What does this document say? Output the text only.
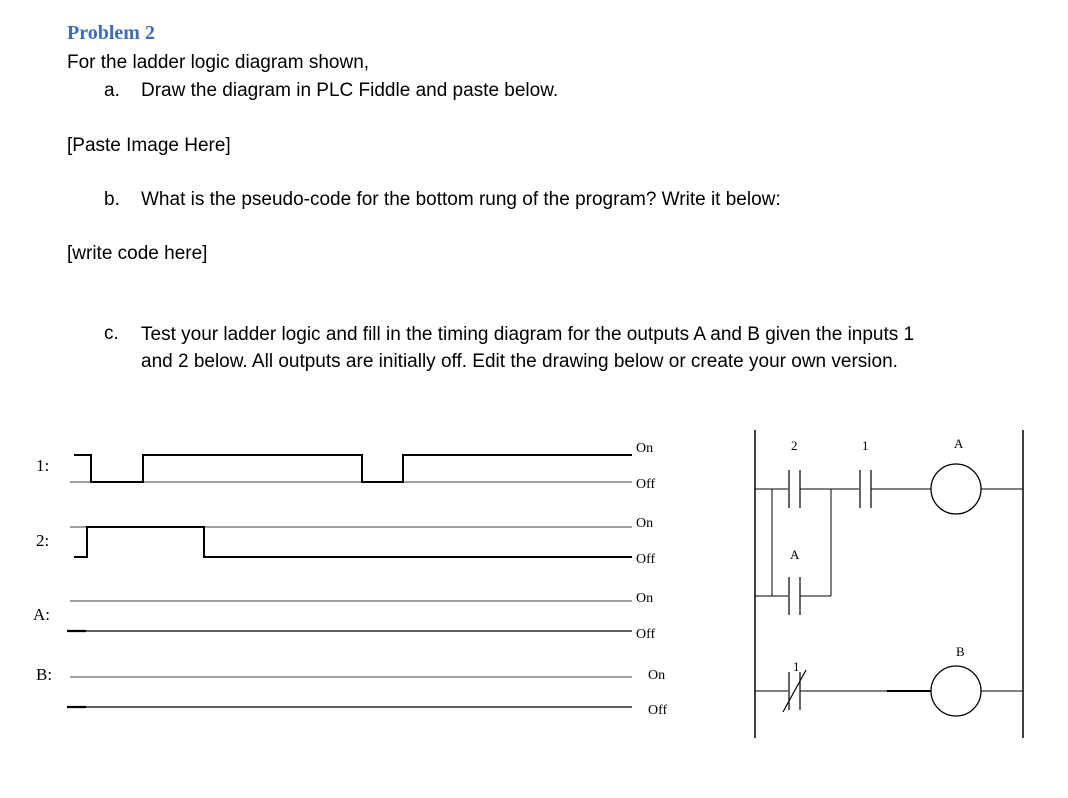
Problem 2
For the ladder logic diagram shown,
a. Draw the diagram in PLC Fiddle and paste below.
[Paste Image Here]
b. What is the pseudo-code for the bottom rung of the program? Write it below:
[write code here]
c. Test your ladder logic and fill in the timing diagram for the outputs A and B given the inputs 1
and 2 below. All outputs are initially off. Edit the drawing below or create your own version.
1:
On
Off
2:
On
Off
A:
On
Off
B:	On
Off
2	1	A
A
1
B
